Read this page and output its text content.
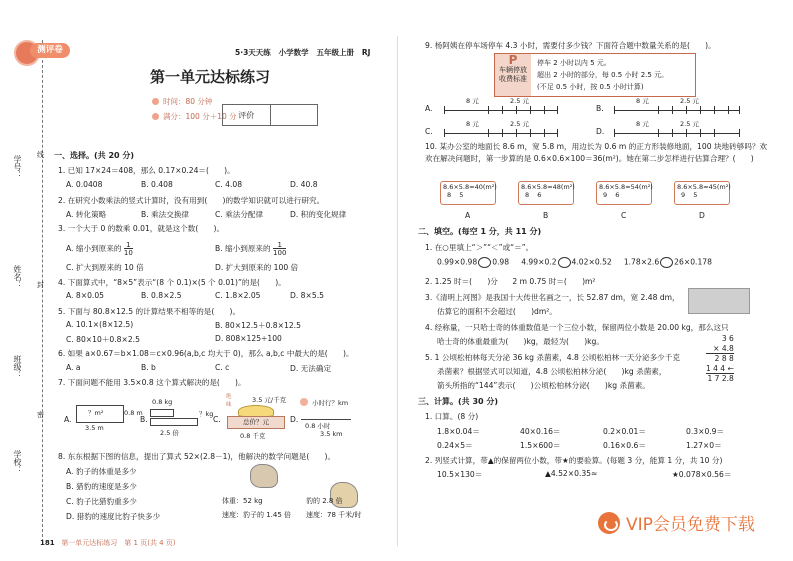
学号：
姓名：
班级：
学校：
线
封
密
测评卷	5·3天天练 小学数学 五年级上册 RJ
第一单元达标练习
时间：80 分钟
满分：100 分＋10 分 评价
一、选择。(共 20 分)
1. 已知 17×24＝408，那么 0.17×0.24＝(　　)。
A. 0.0408	B. 0.408	C. 4.08	D. 40.8
2. 在研究小数乘法的竖式计算时，没有用到(　　)的数学知识就可以进行研究。
A. 转化策略	B. 乘法交换律	C. 乘法分配律	D. 积的变化规律
3. 一个大于 0 的数乘 0.01，就是这个数(　　)。
A. 缩小到原来的 $\frac{1}{10}$	B. 缩小到原来的 $\frac{1}{100}$
C. 扩大到原来的 10 倍	D. 扩大到原来的 100 倍
4. 下面算式中，“8×5”表示“(8 个 0.1)×(5 个 0.01)”的是(　　)。
A. 8×0.05	B. 0.8×2.5	C. 1.8×2.05	D. 8×5.5
5. 下面与 80.8×12.5 的计算结果不相等的是(　　)。
A. 10.1×(8×12.5)	B. 80×12.5＋0.8×12.5
C. 80×10＋0.8×2.5	D. 808×125÷100
6. 如果 a×0.67＝b×1.08＝c×0.96(a,b,c 均大于 0)，那么 a,b,c 中最大的是(　　)。
A. a	B. b	C. c	D. 无法确定
7. 下面问题不能用 3.5×0.8 这个算式解决的是(　　)。
A.
？m²
3.5 m
0.8 m
B.
0.8 kg
？kg
2.5 倍
C.
绝味
3.5 元/千克
总价？元
0.8 千克
D.
小时行？km
0.8 小时
3.5 km
8. 东东根据下图的信息，提出了算式 52×(2.8－1)，他解决的数学问题是(　　)。
A. 豹子的体重是多少
B. 猎豹的速度是多少
C. 豹子比猎豹重多少
D. 猎豹的速度比豹子快多少
体重：52 kg
速度：豹子的 1.45 倍
豹的 2.8 倍
速度：78 千米/时
9. 杨阿姨在停车场停车 4.3 小时，需要付多少钱？下面符合题中数量关系的是(　　)。
P
车辆停放收费标准
停车 2 小时以内 5 元。
超出 2 小时的部分，每 0.5 小时 2.5 元。
(不足 0.5 小时，按 0.5 小时计算)
A.
8 元	2.5 元
B.
8 元	2.5 元
C.
8 元	2.5 元
D.
8 元	2.5 元
10. 某办公室的地面长 8.6 m，宽 5.8 m，用边长为 0.6 m 的正方形装修地面，100 块地砖够吗？欢欢在解决问题时，第一步算的是 0.6×0.6×100＝36(m²)。她在第二步怎样进行估算合理？(　　)
8.6×5.8≈40(m²)
8 5
8.6×5.8≈48(m²)
8 6
8.6×5.8≈54(m²)
9 6
8.6×5.8≈45(m²)
9 5
A	B	C	D
二、填空。(每空 1 分，共 11 分)
1. 在○里填上“＞”“＜”或“＝”。
0.99×0.98 0.98 4.99×0.2 4.02×0.52 1.78×2.6 26×0.178
2. 1.25 时＝(　　)分 2 m 0.75 时＝(　　)m²
3.《清明上河图》是我国十大传世名画之一，长 52.87 dm，宽 2.48 dm，
估算它的面积不会超过(　　)dm²。
4. 经称量，一只哈士奇的体重数值是一个三位小数，保留两位小数是 20.00 kg，那么这只
哈士奇的体重最重为(　　)kg，最轻为(　　)kg。
5. 1 公顷松柏林每天分泌 36 kg 杀菌素，4.8 公顷松柏林一天分泌多少千克
杀菌素？根据竖式可以知道，4.8 公顷松柏林分泌(　　)kg 杀菌素，
箭头所指的“144”表示(　　)公顷松柏林分泌(　　)kg 杀菌素。
3 6
× 4.8
2 8 8
1 4 4 ←
1 7 2.8
三、计算。(共 30 分)
1. 口算。(8 分)
1.8×0.04＝	40×0.16＝	0.2×0.01＝	0.3×0.9＝
0.24×5＝	1.5×600＝	0.16×0.6＝	1.27×0＝
2. 列竖式计算，带▲的保留两位小数，带★的要验算。(每题 3 分，能算 1 分，共 10 分)
10.5×130＝	▲4.52×0.35≈	★0.078×0.56＝
181 第一单元达标练习　第 1 页(共 4 页)
VIP会员免费下载
